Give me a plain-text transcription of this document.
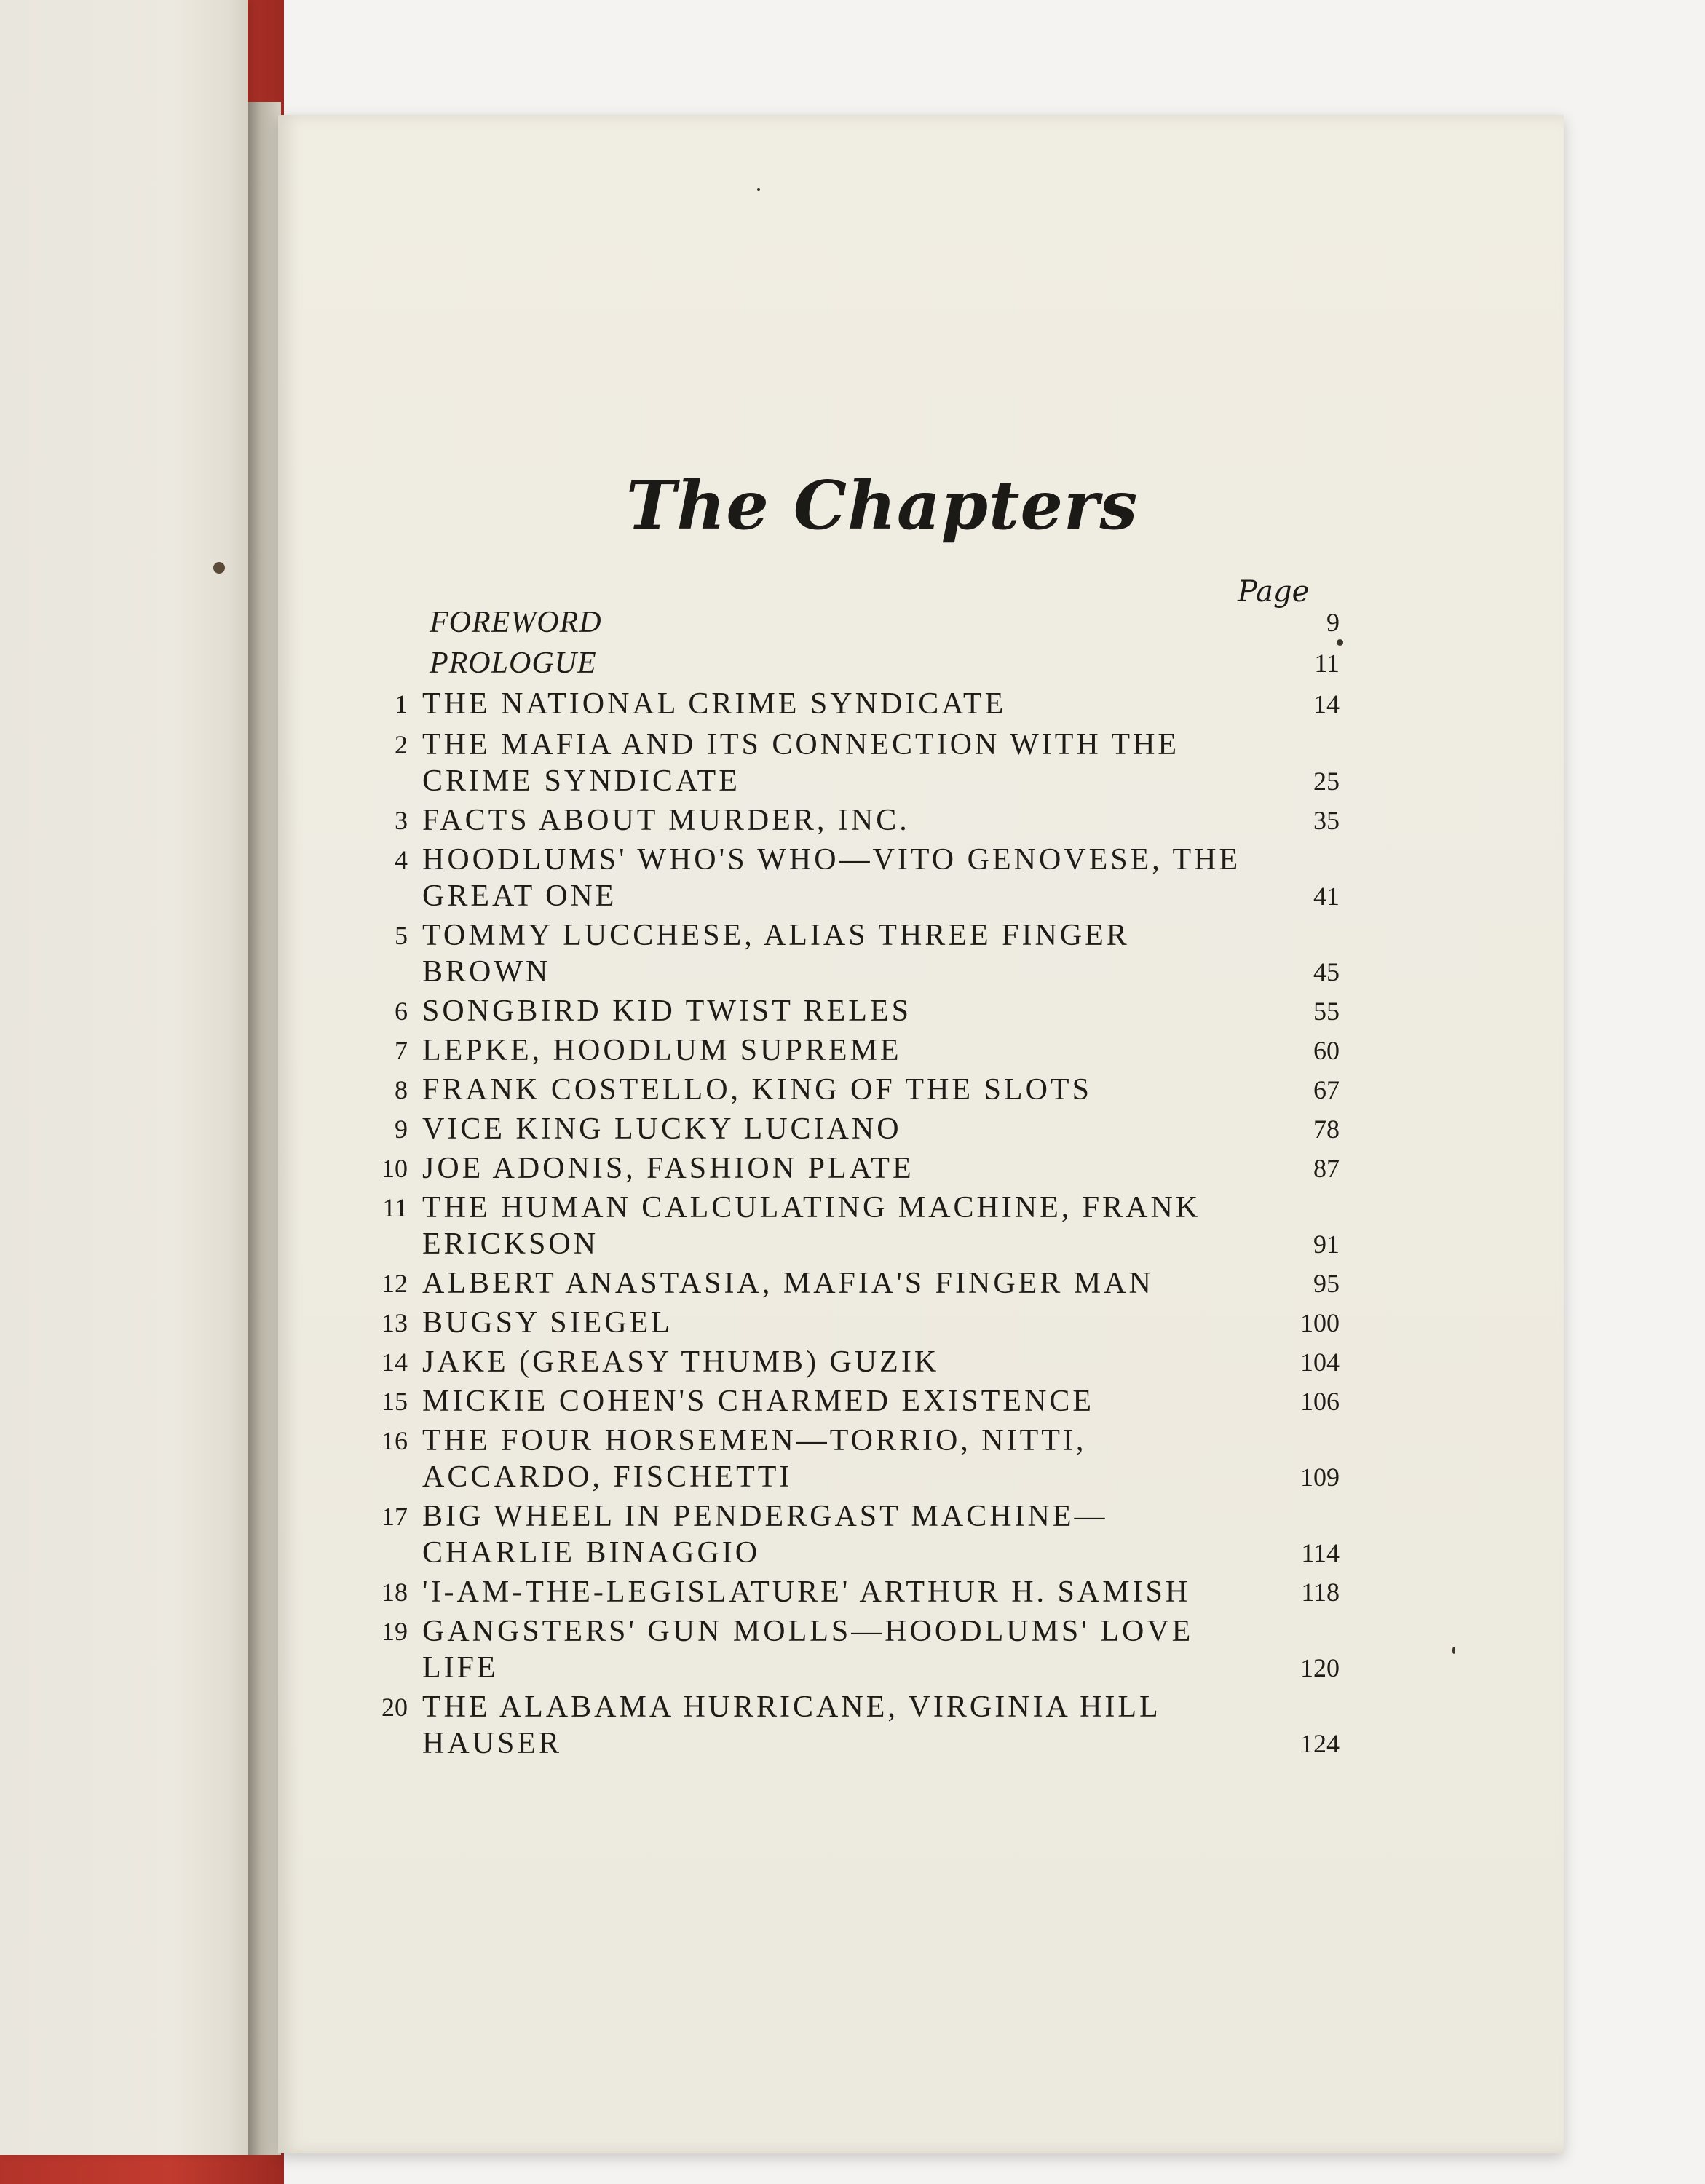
The Chapters
Page
FOREWORD	9
PROLOGUE	11
1 THE NATIONAL CRIME SYNDICATE	14
2 THE MAFIA AND ITS CONNECTION WITH THE CRIME SYNDICATE	25
3 FACTS ABOUT MURDER, INC.	35
4 HOODLUMS' WHO'S WHO—VITO GENOVESE, THE GREAT ONE	41
5 TOMMY LUCCHESE, ALIAS THREE FINGER BROWN	45
6 SONGBIRD KID TWIST RELES	55
7 LEPKE, HOODLUM SUPREME	60
8 FRANK COSTELLO, KING OF THE SLOTS	67
9 VICE KING LUCKY LUCIANO	78
10 JOE ADONIS, FASHION PLATE	87
11 THE HUMAN CALCULATING MACHINE, FRANK ERICKSON	91
12 ALBERT ANASTASIA, MAFIA'S FINGER MAN	95
13 BUGSY SIEGEL	100
14 JAKE (GREASY THUMB) GUZIK	104
15 MICKIE COHEN'S CHARMED EXISTENCE	106
16 THE FOUR HORSEMEN—TORRIO, NITTI, ACCARDO, FISCHETTI	109
17 BIG WHEEL IN PENDERGAST MACHINE— CHARLIE BINAGGIO	114
18 'I-AM-THE-LEGISLATURE' ARTHUR H. SAMISH	118
19 GANGSTERS' GUN MOLLS—HOODLUMS' LOVE LIFE	120
20 THE ALABAMA HURRICANE, VIRGINIA HILL HAUSER	124
